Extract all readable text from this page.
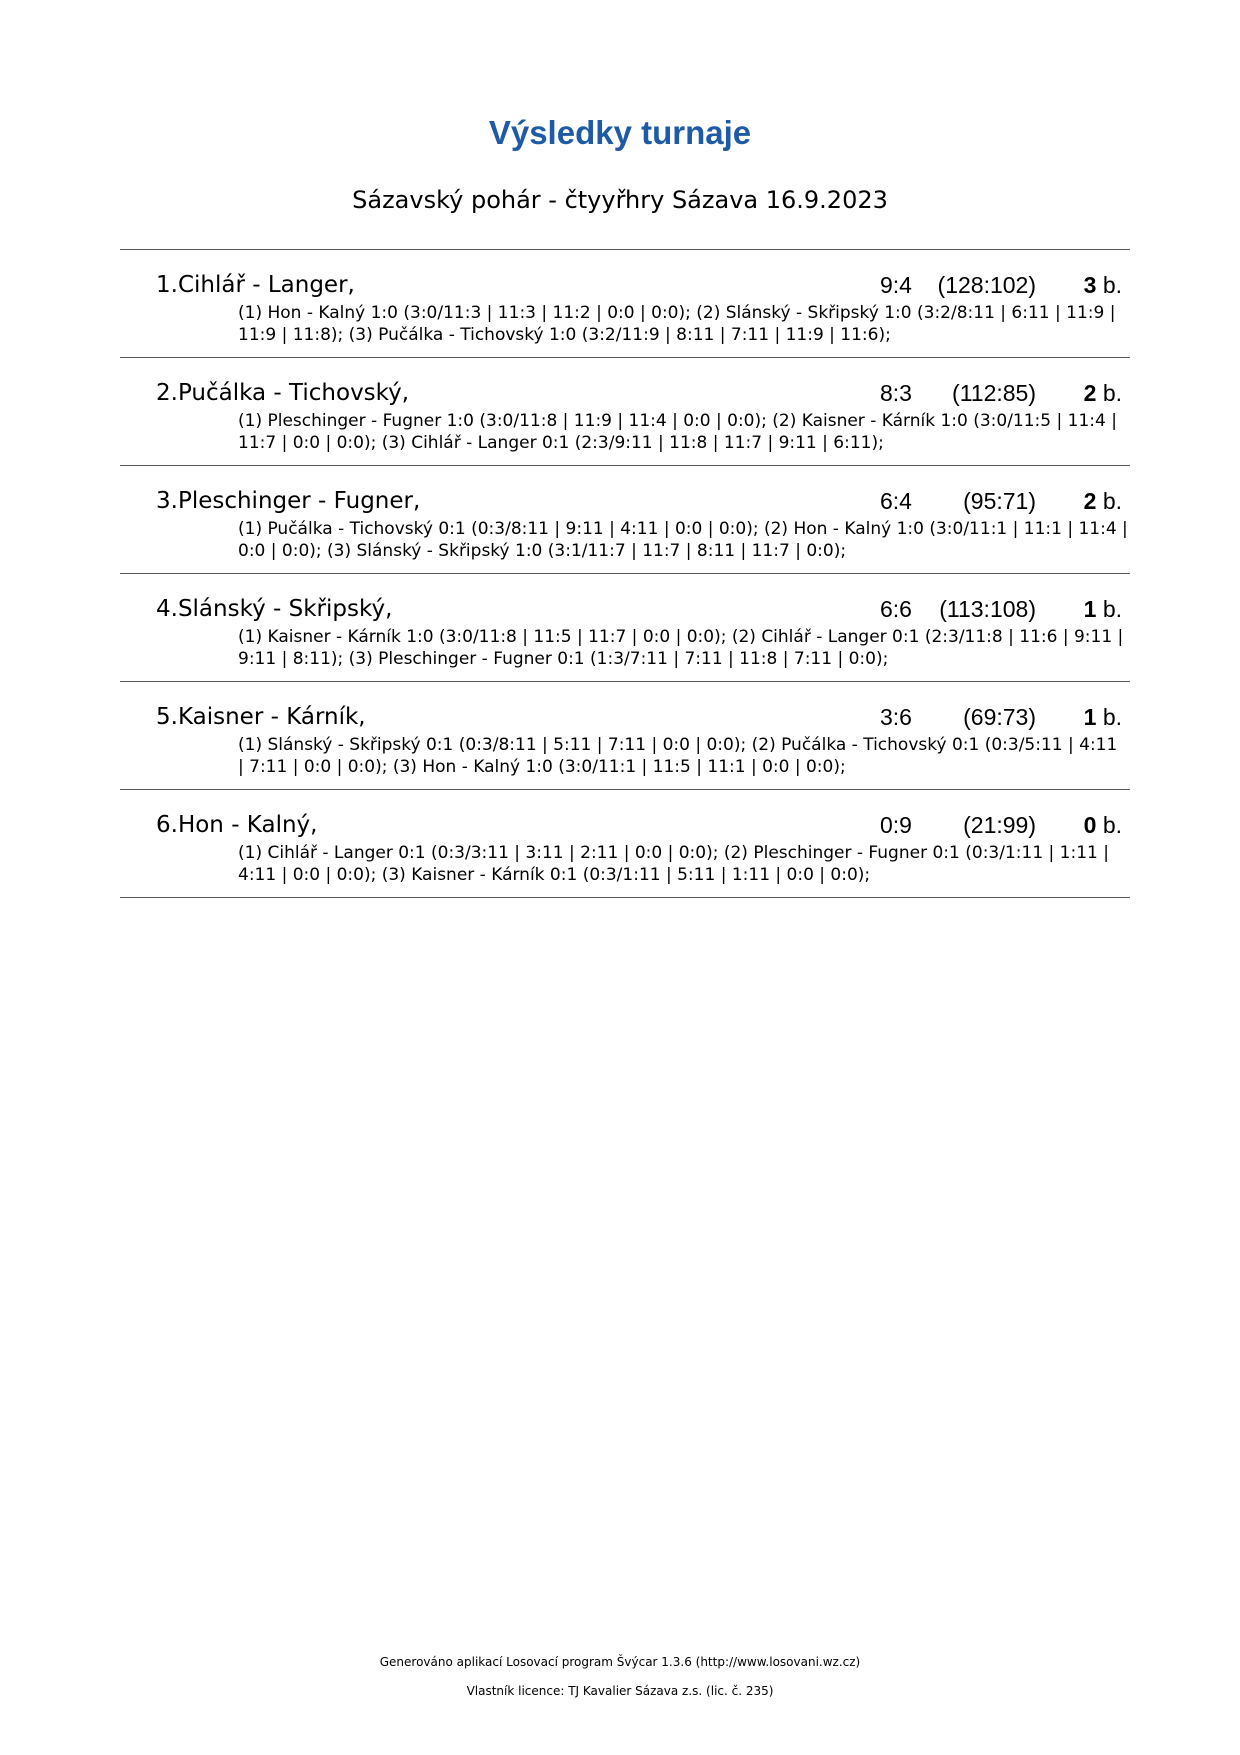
Výsledky turnaje
Sázavský pohár - čtyyřhry Sázava 16.9.2023
1.Cihlář - Langer,	9:4	(128:102) 3 b.
(1) Hon - Kalný 1:0 (3:0/11:3 | 11:3 | 11:2 | 0:0 | 0:0); (2) Slánský - Skřipský 1:0 (3:2/8:11 | 6:11 | 11:9 | 11:9 | 11:8); (3) Pučálka - Tichovský 1:0 (3:2/11:9 | 8:11 | 7:11 | 11:9 | 11:6);
2.Pučálka - Tichovský,	8:3	(112:85) 2 b.
(1) Pleschinger - Fugner 1:0 (3:0/11:8 | 11:9 | 11:4 | 0:0 | 0:0); (2) Kaisner - Kárník 1:0 (3:0/11:5 | 11:4 | 11:7 | 0:0 | 0:0); (3) Cihlář - Langer 0:1 (2:3/9:11 | 11:8 | 11:7 | 9:11 | 6:11);
3.Pleschinger - Fugner,	6:4	(95:71) 2 b.
(1) Pučálka - Tichovský 0:1 (0:3/8:11 | 9:11 | 4:11 | 0:0 | 0:0); (2) Hon - Kalný 1:0 (3:0/11:1 | 11:1 | 11:4 | 0:0 | 0:0); (3) Slánský - Skřipský 1:0 (3:1/11:7 | 11:7 | 8:11 | 11:7 | 0:0);
4.Slánský - Skřipský,	6:6	(113:108) 1 b.
(1) Kaisner - Kárník 1:0 (3:0/11:8 | 11:5 | 11:7 | 0:0 | 0:0); (2) Cihlář - Langer 0:1 (2:3/11:8 | 11:6 | 9:11 | 9:11 | 8:11); (3) Pleschinger - Fugner 0:1 (1:3/7:11 | 7:11 | 11:8 | 7:11 | 0:0);
5.Kaisner - Kárník,	3:6	(69:73) 1 b.
(1) Slánský - Skřipský 0:1 (0:3/8:11 | 5:11 | 7:11 | 0:0 | 0:0); (2) Pučálka - Tichovský 0:1 (0:3/5:11 | 4:11 | 7:11 | 0:0 | 0:0); (3) Hon - Kalný 1:0 (3:0/11:1 | 11:5 | 11:1 | 0:0 | 0:0);
6.Hon - Kalný,	0:9	(21:99) 0 b.
(1) Cihlář - Langer 0:1 (0:3/3:11 | 3:11 | 2:11 | 0:0 | 0:0); (2) Pleschinger - Fugner 0:1 (0:3/1:11 | 1:11 | 4:11 | 0:0 | 0:0); (3) Kaisner - Kárník 0:1 (0:3/1:11 | 5:11 | 1:11 | 0:0 | 0:0);
Generováno aplikací Losovací program Švýcar 1.3.6 (http://www.losovani.wz.cz)
Vlastník licence: TJ Kavalier Sázava z.s. (lic. č. 235)
